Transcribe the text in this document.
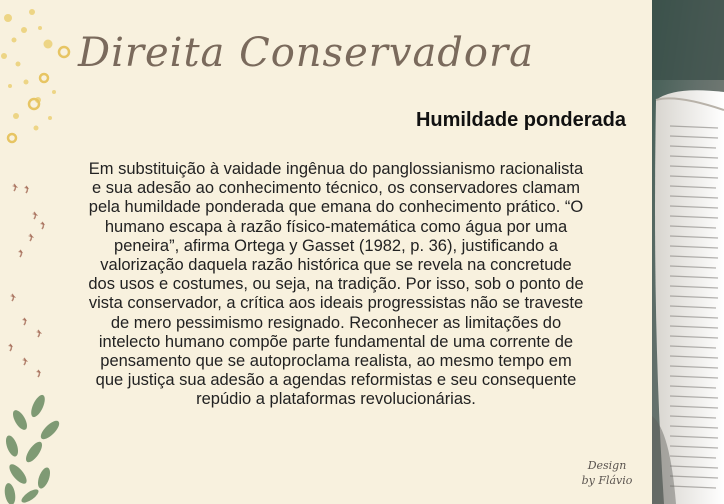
Direita Conservadora
Humildade ponderada
Em substituição à vaidade ingênua do panglossianismo racionalista e sua adesão ao conhecimento técnico, os conservadores clamam pela humildade ponderada que emana do conhecimento prático. “O humano escapa à razão físico-matemática como água por uma peneira”, afirma Ortega y Gasset (1982, p. 36), justificando a valorização daquela razão histórica que se revela na concretude dos usos e costumes, ou seja, na tradição. Por isso, sob o ponto de vista conservador, a crítica aos ideais progressistas não se traveste de mero pessimismo resignado. Reconhecer as limitações do intelecto humano compõe parte fundamental de uma corrente de pensamento que se autoproclama realista, ao mesmo tempo em que justiça sua adesão a agendas reformistas e seu consequente repúdio a plataformas revolucionárias.
Design
by Flávio
